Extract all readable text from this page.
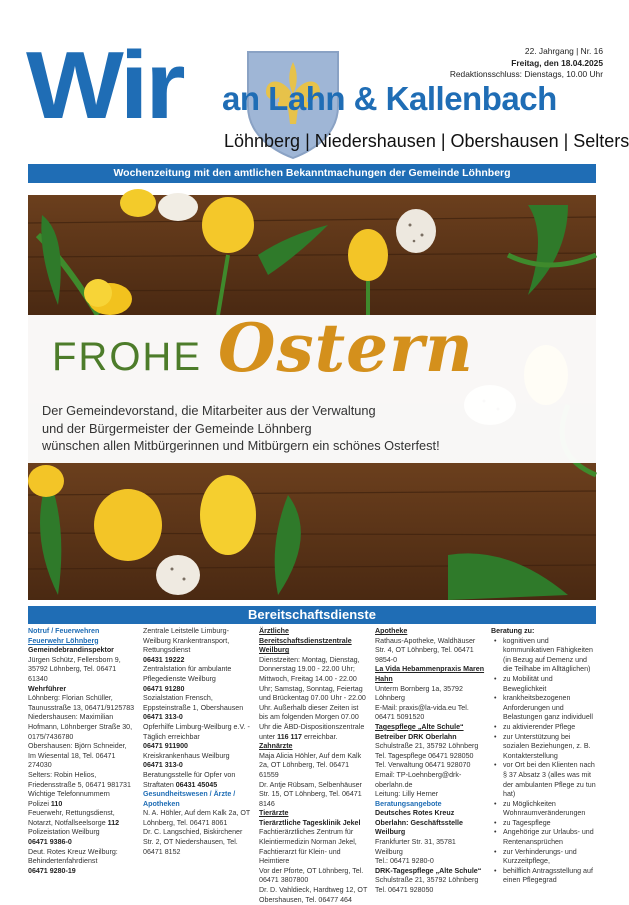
Wir an Lahn & Kallenbach
Löhnberg | Niedershausen | Obershausen | Selters
22. Jahrgang | Nr. 16
Freitag, den 18.04.2025
Redaktionsschluss: Dienstags, 10.00 Uhr
Wochenzeitung mit den amtlichen Bekanntmachungen der Gemeinde Löhnberg
FROHE Ostern
Der Gemeindevorstand, die Mitarbeiter aus der Verwaltung
und der Bürgermeister der Gemeinde Löhnberg
wünschen allen Mitbürgerinnen und Mitbürgern ein schönes Osterfest!
Bereitschaftsdienste
Notruf / Feuerwehren
Feuerwehr Löhnberg
Gemeindebrandinspektor
Jürgen Schütz, Fellersborn 9, 35792 Löhnberg, Tel. 06471 61340
Wehrführer
Löhnberg: Florian Schüller, Taunusstraße 13, 06471/9125783
Niedershausen: Maximilian Hofmann, Löhnberger Straße 30, 0175/7436780
Obershausen: Björn Schneider, Im Wiesental 18, Tel. 06471 274030
Selters: Robin Helios, Friedensstraße 5, 06471 981731
Wichtige Telefonnummern
Polizei 110
Feuerwehr, Rettungsdienst, Notarzt, Notfallseelsorge 112
Polizeistation Weilburg
06471 9386-0
Deut. Rotes Kreuz Weilburg: Behindertenfahrdienst
06471 9280-19
Zentrale Leitstelle Limburg-Weilburg Krankentransport, Rettungsdienst
06431 19222
Zentralstation für ambulante Pflegedienste Weilburg
06471 91280
Sozialstation Frensch, Eppsteinstraße 1, Obershausen
06471 313-0
Opferhilfe Limburg-Weilburg e.V. - Täglich erreichbar
06471 911900
Kreiskrankenhaus Weilburg
06471 313-0
Beratungsstelle für Opfer von Straftaten 06431 45045
Gesundheitswesen / Ärzte / Apotheken
N. A. Höhler, Auf dem Kalk 2a, OT Löhnberg, Tel. 06471 8061
Dr. C. Langschied, Biskirchener Str. 2, OT Niedershausen, Tel. 06471 8152
Ärztliche Bereitschaftsdienstzentrale Weilburg
Dienstzeiten: Montag, Dienstag, Donnerstag 19.00 - 22.00 Uhr; Mittwoch, Freitag 14.00 - 22.00 Uhr; Samstag, Sonntag, Feiertag und Brückentag 07.00 Uhr - 22.00 Uhr. Außerhalb dieser Zeiten ist bis am folgenden Morgen 07.00 Uhr die ÄBD-Dispositionszentrale unter 116 117 erreichbar.
Zahnärzte
Maja Alicia Höhler, Auf dem Kalk 2a, OT Löhnberg, Tel. 06471 61559
Dr. Antje Rübsam, Selbenhäuser Str. 15, OT Löhnberg, Tel. 06471 8146
Tierärzte
Tierärztliche Tagesklinik Jekel
Fachtierärztliches Zentrum für Kleintiermedizin Norman Jekel, Fachtierarzt für Klein- und Heimtiere
Vor der Pforte, OT Löhnberg, Tel. 06471 3807800
Dr. D. Vahldieck, Hardtweg 12, OT Obershausen, Tel. 06477 464
Apotheke
Rathaus-Apotheke, Waldhäuser Str. 4, OT Löhnberg, Tel. 06471 9854-0
La Vida Hebammenpraxis Maren Hahn
Unterm Bornberg 1a, 35792 Löhnberg
E-Mail: praxis@la-vida.eu Tel. 06471 5091520
Tagespflege „Alte Schule“
Betreiber DRK Oberlahn
Schulstraße 21, 35792 Löhnberg
Tel. Tagespflege 06471 928050
Tel. Verwaltung 06471 928070
Email: TP-Loehnberg@drk-oberlahn.de
Leitung: Lilly Herner
Beratungsangebote
Deutsches Rotes Kreuz Oberlahn: Geschäftsstelle Weilburg
Frankfurter Str. 31, 35781 Weilburg
Tel.: 06471 9280-0
DRK-Tagespflege „Alte Schule“
Schulstraße 21, 35792 Löhnberg
Tel. 06471 928050
Beratung zu:
• kognitiven und kommunikativen Fähigkeiten (in Bezug auf Demenz und die Teilhabe im Alltäglichen)
• zu Mobilität und Beweglichkeit
• krankheitsbezogenen Anforderungen und Belastungen ganz individuell
• zu aktivierender Pflege
• zur Unterstützung bei sozialen Beziehungen, z. B. Kontakterstellung
• vor Ort bei den Klienten nach § 37 Absatz 3 (alles was mit der ambulanten Pflege zu tun hat)
• zu Möglichkeiten Wohnraumveränderungen
• zu Tagespflege
• Angehörige zur Urlaubs- und Rentenansprüchen
• zur Verhinderungs- und Kurzzeitpflege,
• behilflich Antragsstellung auf einen Pflegegrad
